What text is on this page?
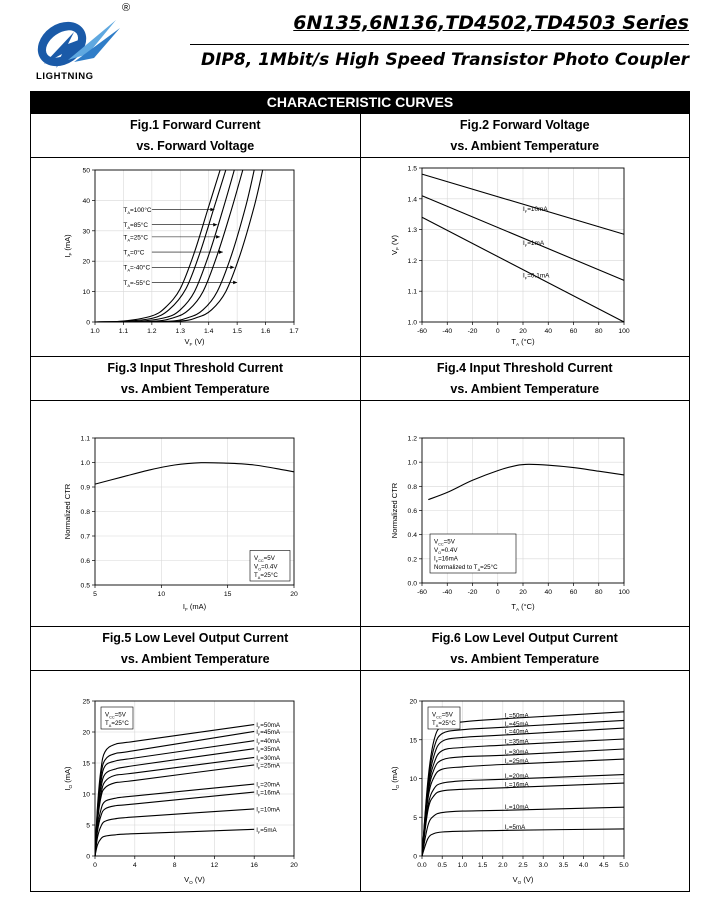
®
LIGHTNING
6N135,6N136,TD4502,TD4503 Series
DIP8, 1Mbit/s High Speed Transistor Photo Coupler
CHARACTERISTIC CURVES
Fig.1 Forward Current
vs. Forward Voltage
Fig.2 Forward Voltage
vs. Ambient Temperature
1.0	1.1	1.2	1.3	1.4	1.5	1.6	1.7
0
10
20
30
40
50
$V_F$ (V)
$I_F$ (mA)
$T_A=100^\circ C$
$T_A=85^\circ C$
$T_A=25^\circ C$
$T_A=0^\circ C$
$T_A=-40^\circ C$
$T_A=-55^\circ C$
-60 -40 -20	0	20	40	60	80 100
1.0
1.1
1.2
1.3
1.4
1.5
$T_A$ (°C)
$V_F$ (V)
$I_F=10mA$
$I_F=1mA$
$I_F=0.1mA$
Fig.3 Input Threshold Current
vs. Ambient Temperature
Fig.4 Input Threshold Current
vs. Ambient Temperature
5	10	15	20
0.5
0.6
0.7
0.8
0.9
1.0
1.1
$I_F$ (mA)
Normalized CTR
$V_{CC}=5V$
$V_O=0.4V$
$T_A=25^\circ C$
-60 -40 -20	0	20	40	60	80 100
0.0
0.2
0.4
0.6
0.8
1.0
1.2
$T_A$ (°C)
Normalized CTR
$V_{CC}=5V$
$V_O=0.4V$
$I_F=16mA$
Normalized to $T_A=25^\circ C$
Fig.5 Low Level Output Current
vs. Ambient Temperature
Fig.6 Low Level Output Current
vs. Ambient Temperature
0	4	8	12	16	20
0
5
10
15
20
25
$V_O$ (V)
$I_O$ (mA)
$V_{CC}=5V$
$T_A=25^\circ C$	$I_F=50mA$
$I_F=45mA$
$I_F=40mA$
$I_F=35mA$
$I_F=30mA$
$I_F=25mA$
$I_F=20mA$
$I_F=16mA$
$I_F=10mA$
$I_F=5mA$
0.0 0.5 1.0 1.5 2.0 2.5 3.0 3.5 4.0 4.5 5.0
0
5
10
15
20
$V_O$ (V)
$I_O$ (mA)
$V_{CC}=5V$
$T_A=25^\circ C$
$I_F=50mA$
$I_F=45mA$
$I_F=40mA$
$I_F=35mA$
$I_F=30mA$
$I_F=25mA$
$I_F=20mA$
$I_F=16mA$
$I_F=10mA$
$I_F=5mA$
